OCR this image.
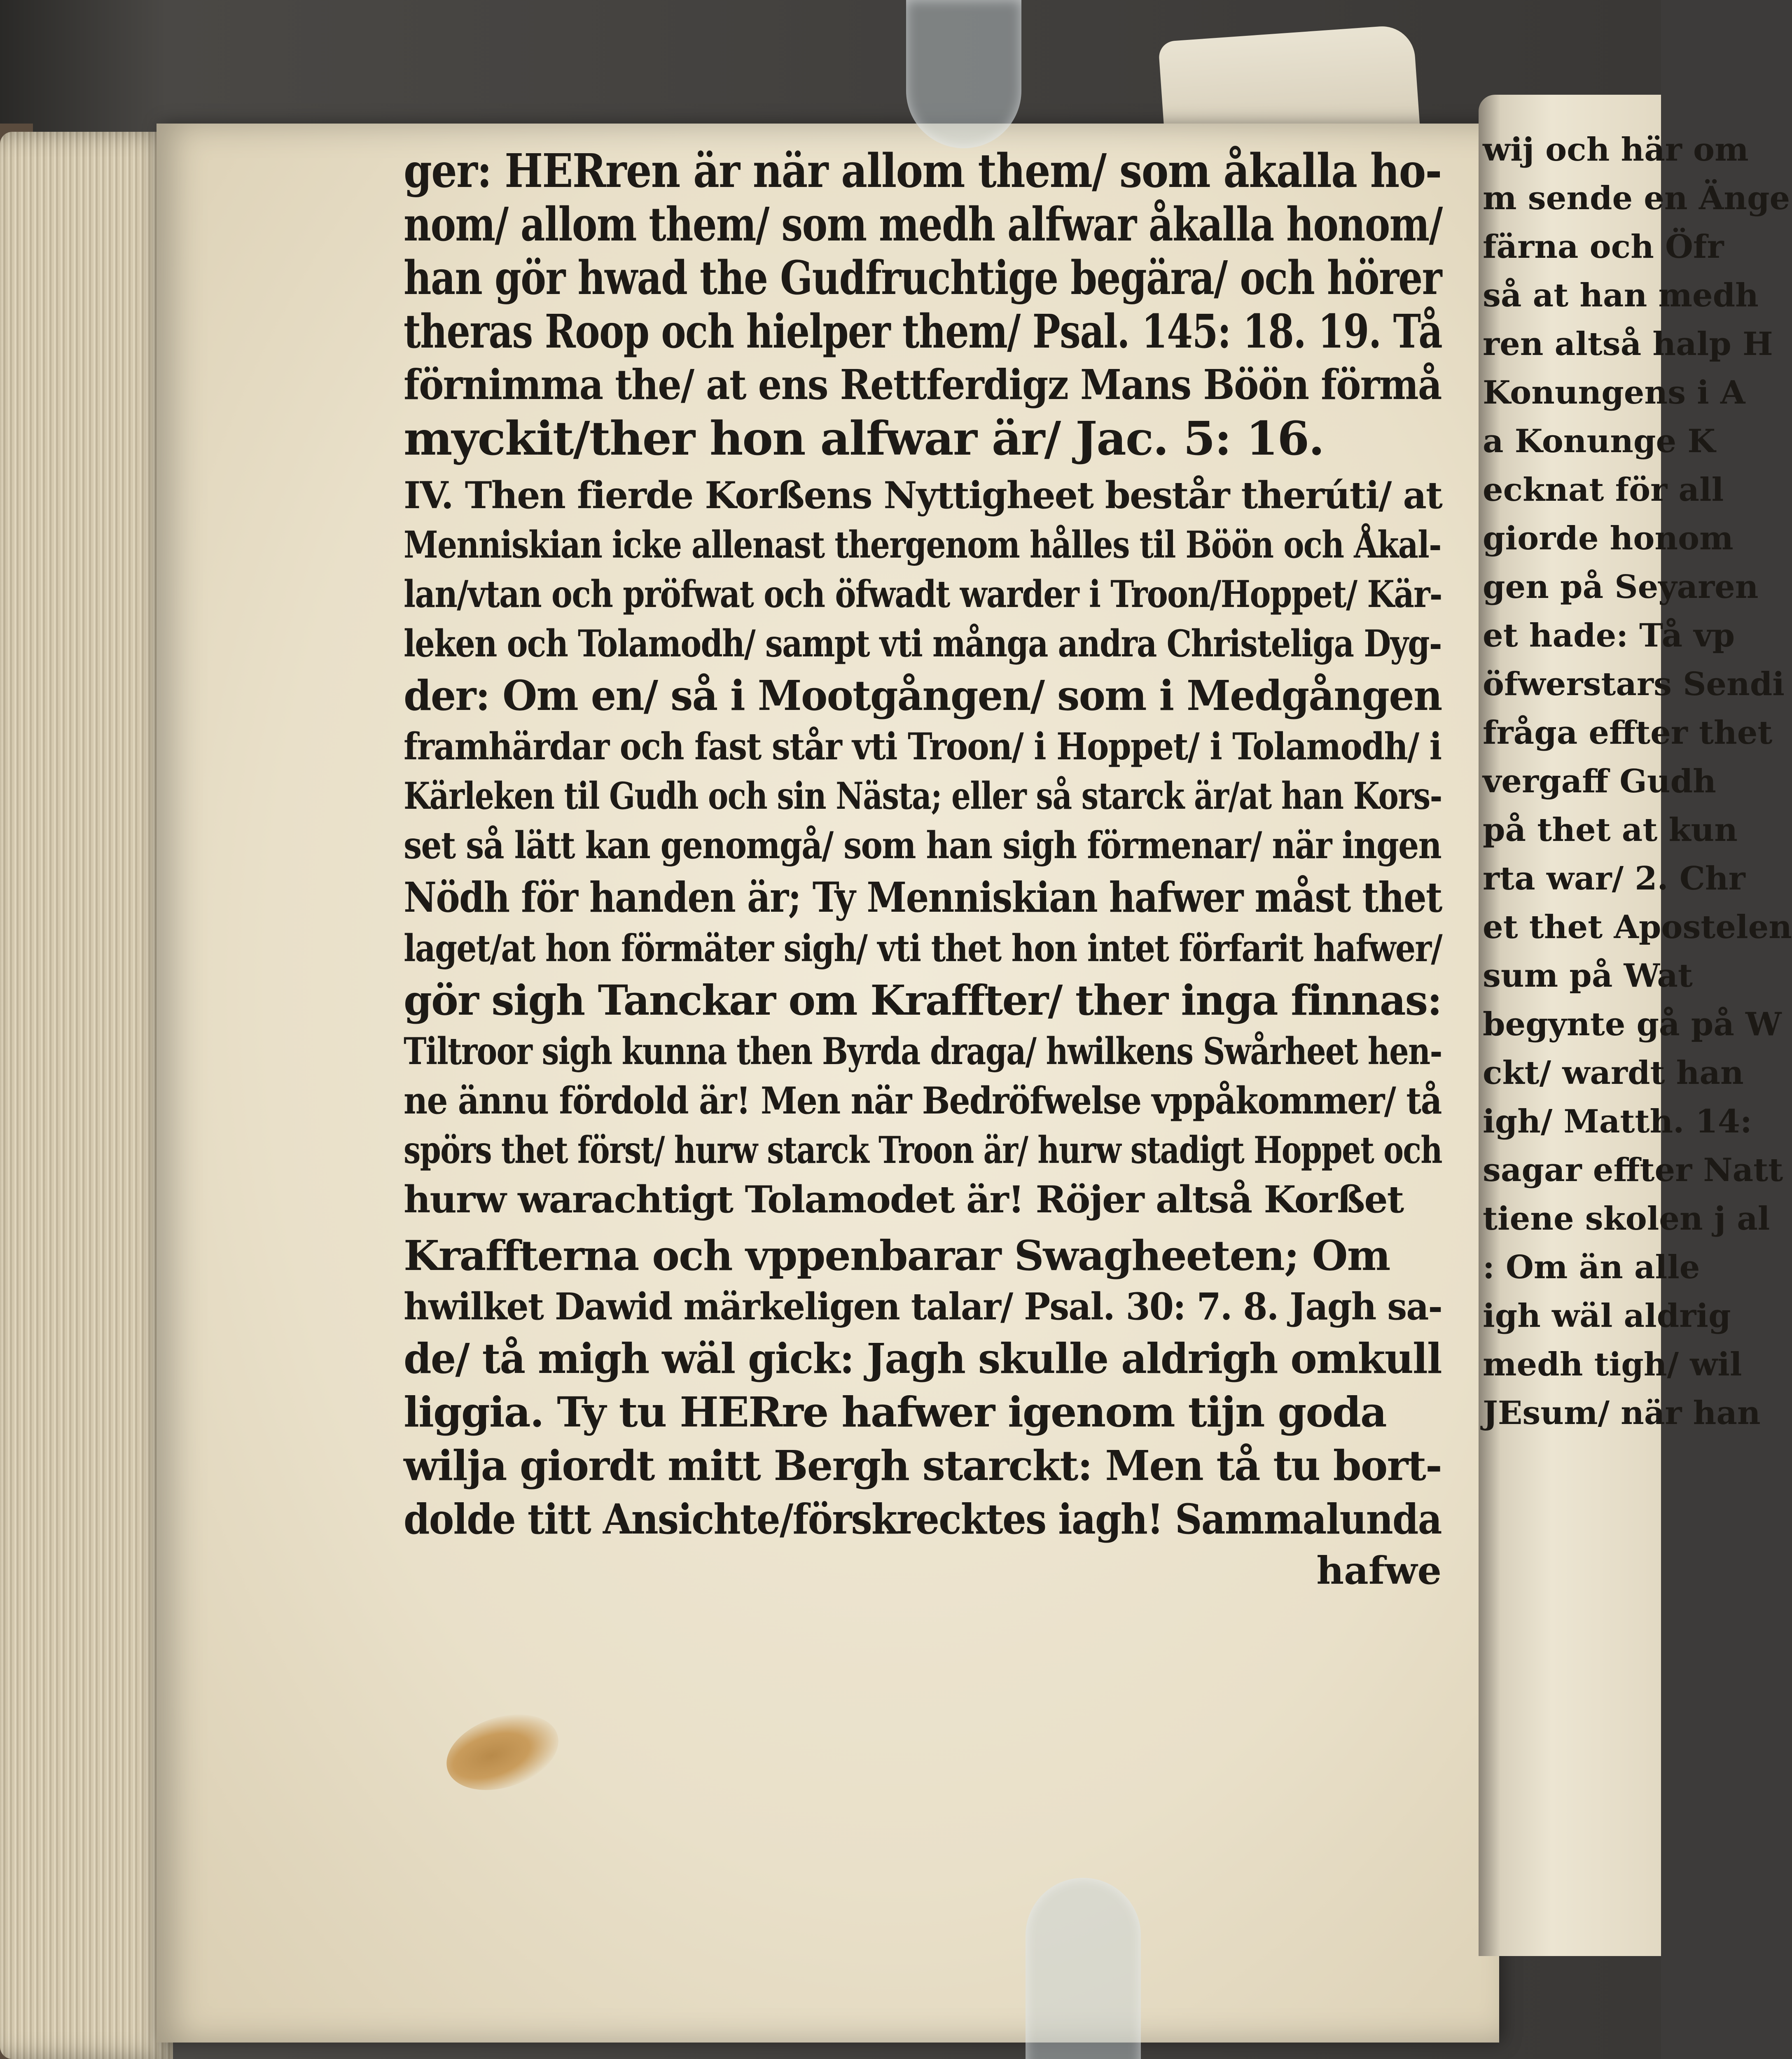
wij och här om
m sende en Änge
färna och Öfr
så at han medh
ren altså halp H
Konungens i A
a Konunge K
ecknat för all
giorde honom
gen på Seyaren
et hade: Tå vp
öfwerstars Sendi
fråga effter thet
vergaff Gudh
på thet at kun
rta war/ 2. Chr
et thet Apostelen
sum på Wat
begynte gå på W
ckt/ wardt han
igh/ Matth. 14:
sagar effter Natt
tiene skolen j al
: Om än alle
igh wäl aldrig
medh tigh/ wil
JEsum/ när han
ger: HERren är när allom them/ som åkalla ho-
nom/ allom them/ som medh alfwar åkalla honom/
han gör hwad the Gudfruchtige begära/ och hörer
theras Roop och hielper them/ Psal. 145: 18. 19. Tå
förnimma the/ at ens Rettferdigz Mans Böön förmå
myckit/ther hon alfwar är/ Jac. 5: 16.
IV. Then fierde Korßens Nyttigheet består therúti/ at
Menniskian icke allenast thergenom hålles til Böön och Åkal-
lan/vtan och pröfwat och öfwadt warder i Troon/Hoppet/ Kär-
leken och Tolamodh/ sampt vti många andra Christeliga Dyg-
der: Om en/ så i Mootgången/ som i Medgången
framhärdar och fast står vti Troon/ i Hoppet/ i Tolamodh/ i
Kärleken til Gudh och sin Nästa; eller så starck är/at han Kors-
set så lätt kan genomgå/ som han sigh förmenar/ när ingen
Nödh för handen är; Ty Menniskian hafwer måst thet
laget/at hon förmäter sigh/ vti thet hon intet förfarit hafwer/
gör sigh Tanckar om Kraffter/ ther inga finnas:
Tiltroor sigh kunna then Byrda draga/ hwilkens Swårheet hen-
ne ännu fördold är! Men när Bedröfwelse vppåkommer/ tå
spörs thet först/ hurw starck Troon är/ hurw stadigt Hoppet och
hurw warachtigt Tolamodet är! Röjer altså Korßet
Kraffterna och vppenbarar Swagheeten; Om
hwilket Dawid märkeligen talar/ Psal. 30: 7. 8. Jagh sa-
de/ tå migh wäl gick: Jagh skulle aldrigh omkull
liggia. Ty tu HERre hafwer igenom tijn goda
wilja giordt mitt Bergh starckt: Men tå tu bort-
dolde titt Ansichte/förskrecktes iagh! Sammalunda
hafwe
